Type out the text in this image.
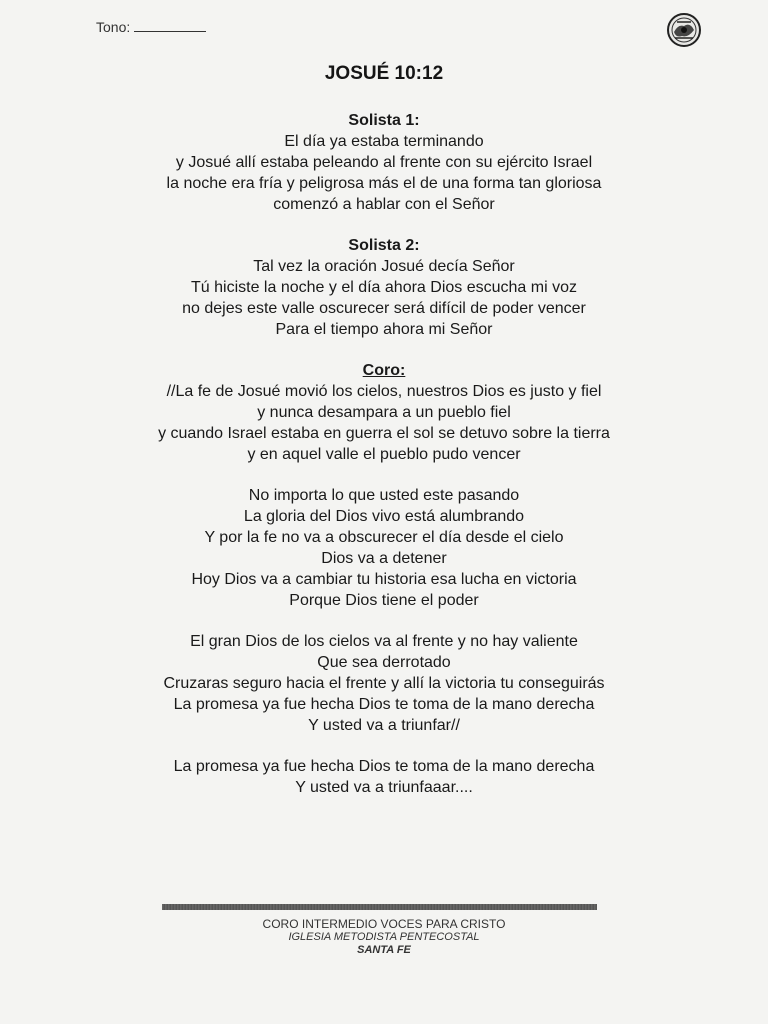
Tono:
JOSUÉ 10:12
Solista 1:
El día ya estaba terminando
y Josué allí estaba peleando al frente con su ejército Israel
la noche era fría y peligrosa más el de una forma tan gloriosa
comenzó a hablar con el Señor
Solista 2:
Tal vez la oración Josué decía Señor
Tú hiciste la noche y el día ahora Dios escucha mi voz
no dejes este valle oscurecer será difícil de poder vencer
Para el tiempo ahora mi Señor
Coro:
//La fe de Josué movió los cielos, nuestros Dios es justo y fiel
y nunca desampara a un pueblo fiel
y cuando Israel estaba en guerra el sol se detuvo sobre la tierra
y en aquel valle el pueblo pudo vencer
No importa lo que usted este pasando
La gloria del Dios vivo está alumbrando
Y por la fe no va a obscurecer el día desde el cielo
Dios va a detener
Hoy Dios va a cambiar tu historia esa lucha en victoria
Porque Dios tiene el poder
El gran Dios de los cielos va al frente y no hay valiente
Que sea derrotado
Cruzaras seguro hacia el frente y allí la victoria tu conseguirás
La promesa ya fue hecha Dios te toma de la mano derecha
Y usted va a triunfar//
La promesa ya fue hecha Dios te toma de la mano derecha
Y usted va a triunfaaar....
CORO INTERMEDIO VOCES PARA CRISTO
IGLESIA METODISTA PENTECOSTAL
SANTA FE
